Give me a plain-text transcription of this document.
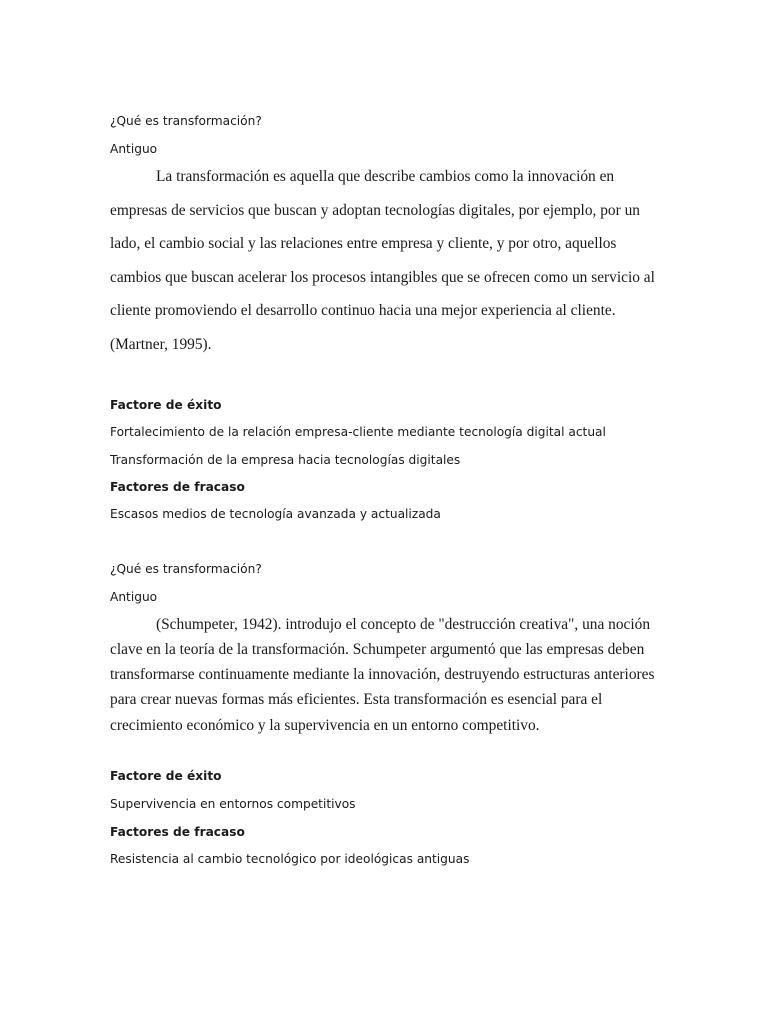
¿Qué es transformación?
Antiguo
La transformación es aquella que describe cambios como la innovación en
empresas de servicios que buscan y adoptan tecnologías digitales, por ejemplo, por un
lado, el cambio social y las relaciones entre empresa y cliente, y por otro, aquellos
cambios que buscan acelerar los procesos intangibles que se ofrecen como un servicio al
cliente promoviendo el desarrollo continuo hacia una mejor experiencia al cliente.
(Martner, 1995).
Factore de éxito
Fortalecimiento de la relación empresa-cliente mediante tecnología digital actual
Transformación de la empresa hacia tecnologías digitales
Factores de fracaso
Escasos medios de tecnología avanzada y actualizada
¿Qué es transformación?
Antiguo
(Schumpeter, 1942). introdujo el concepto de "destrucción creativa", una noción
clave en la teoría de la transformación. Schumpeter argumentó que las empresas deben
transformarse continuamente mediante la innovación, destruyendo estructuras anteriores
para crear nuevas formas más eficientes. Esta transformación es esencial para el
crecimiento económico y la supervivencia en un entorno competitivo.
Factore de éxito
Supervivencia en entornos competitivos
Factores de fracaso
Resistencia al cambio tecnológico por ideológicas antiguas
